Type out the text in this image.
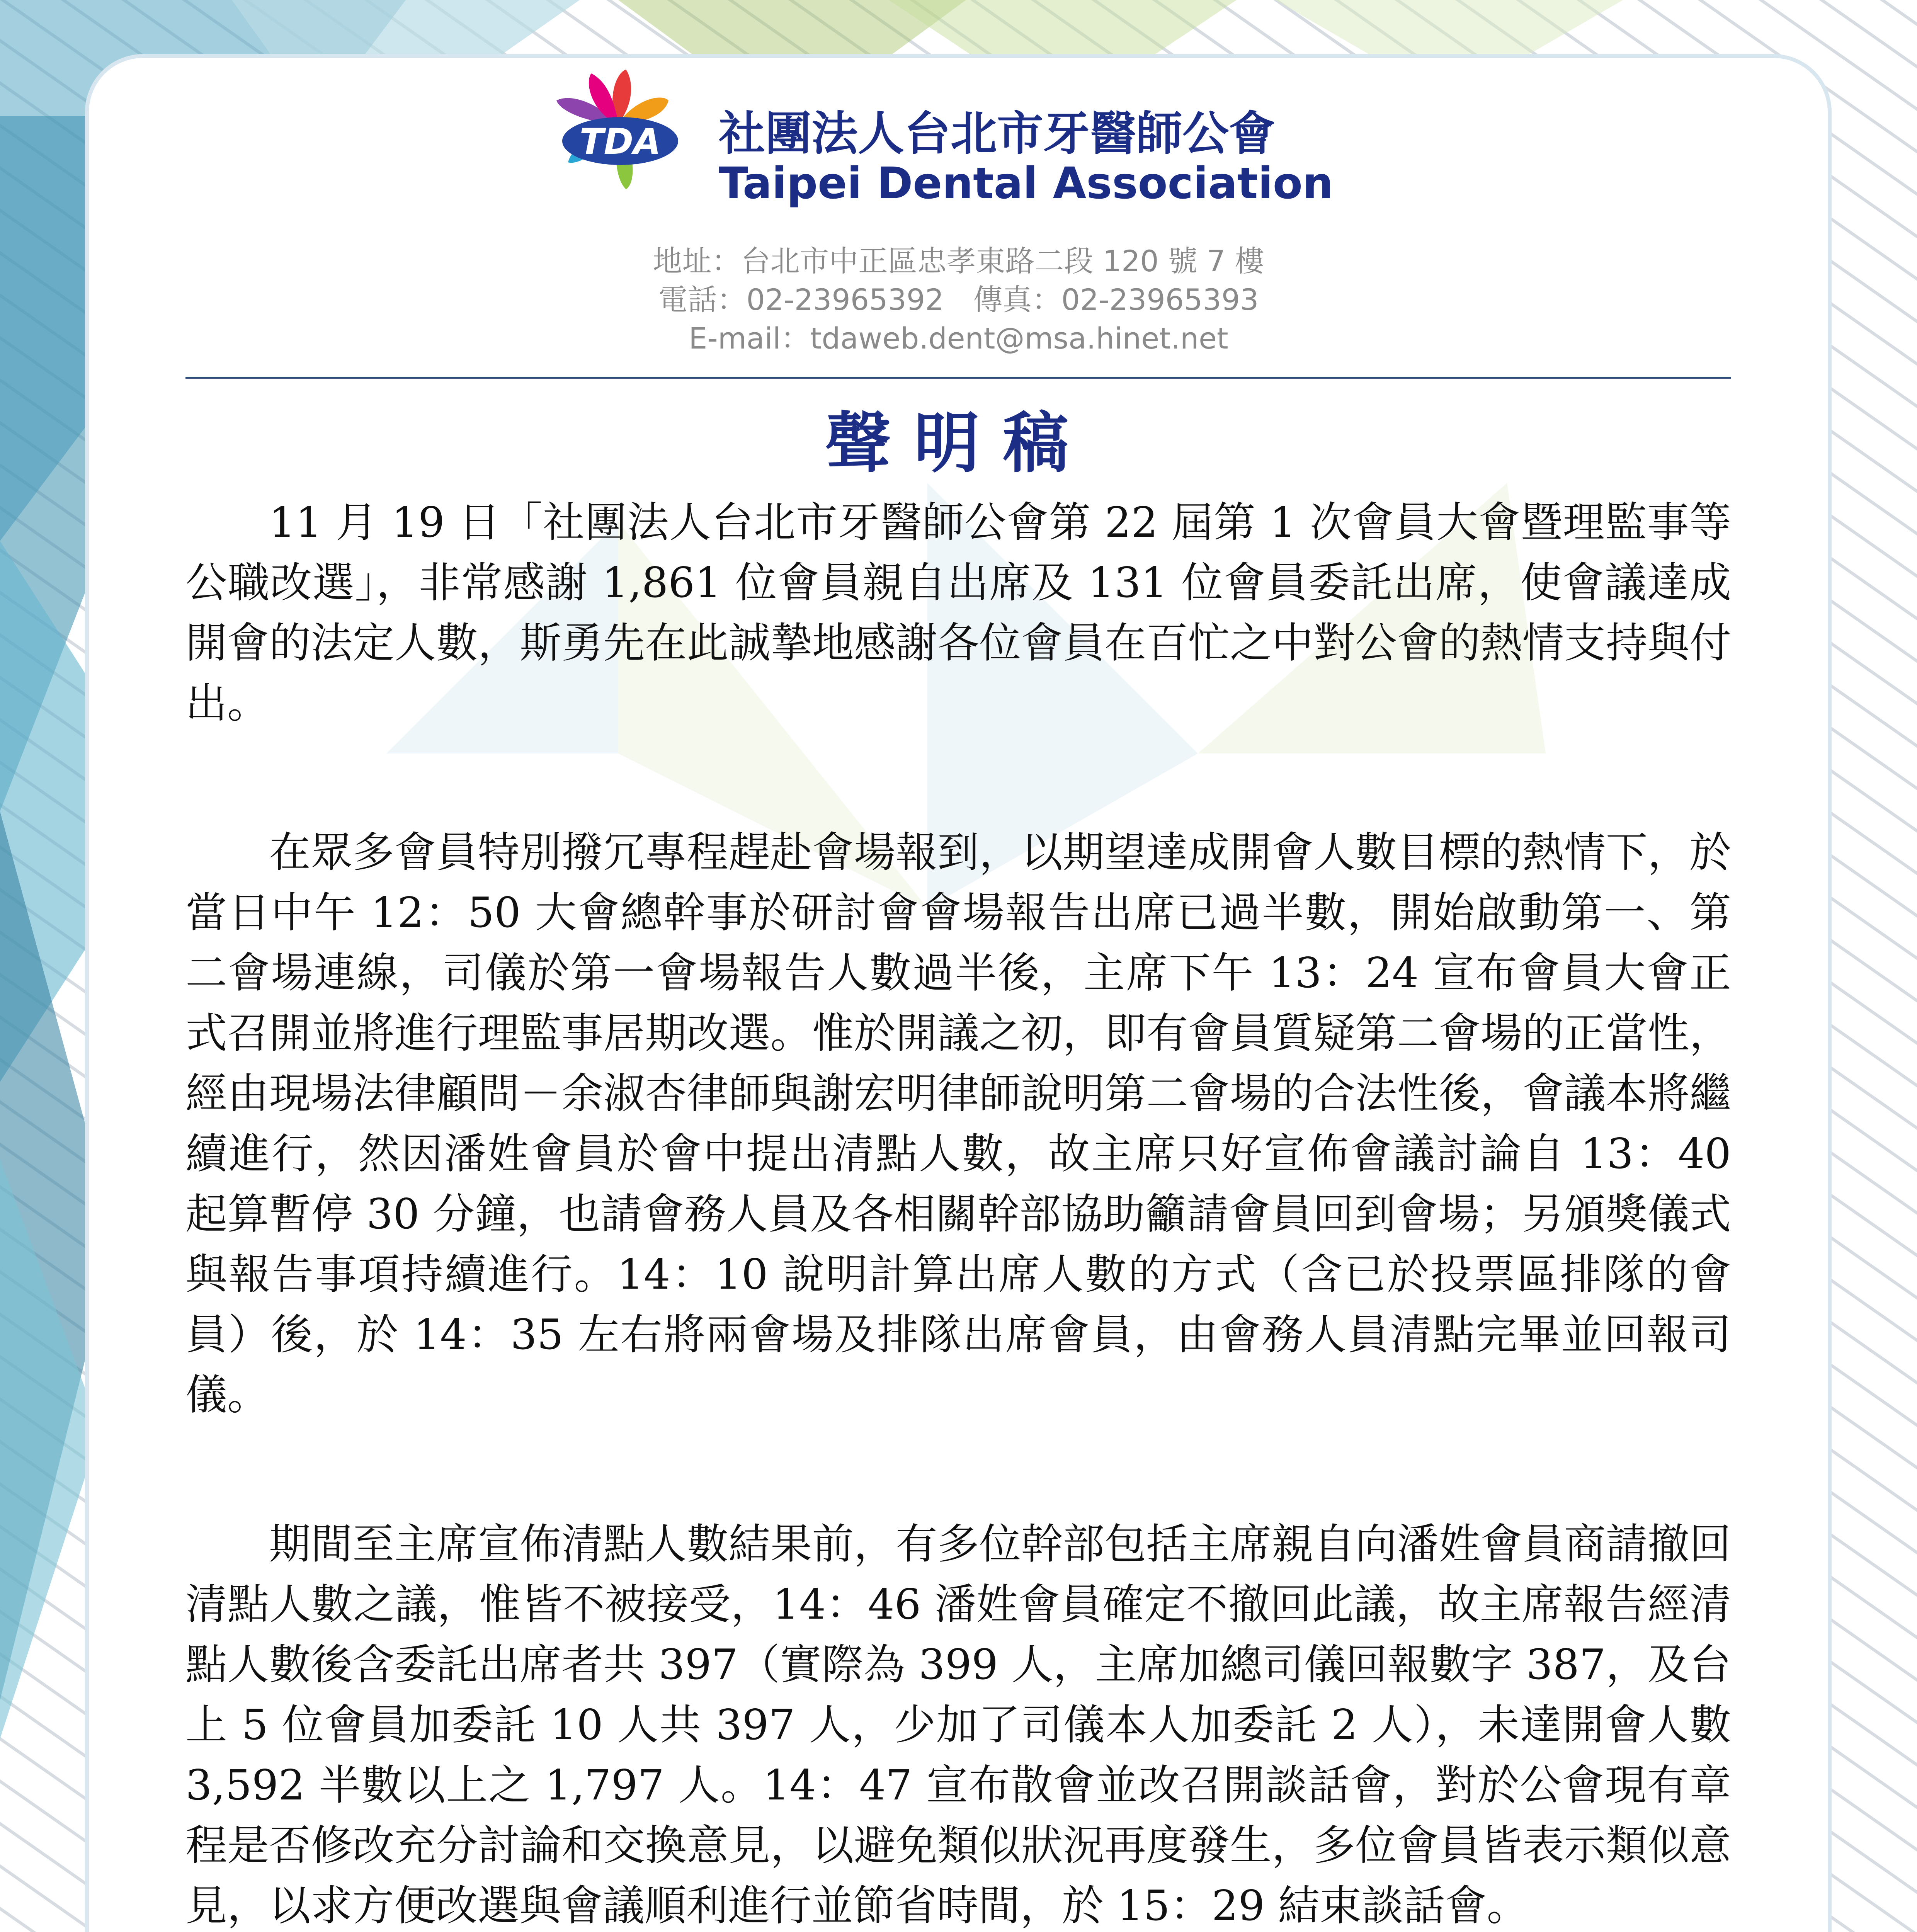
TDA 社團法人台北市牙醫師公會
Taipei Dental Association
地址：台北市中正區忠孝東路二段 120 號 7 樓
電話：02-23965392　傳真：02-23965393
E-mail：tdaweb.dent@msa.hinet.net
聲明稿

11 月 19 日「社團法人台北市牙醫師公會第 22 屆第 1 次會員大會暨理監事等公職改選」，非常感謝 1,861 位會員親自出席及 131 位會員委託出席，使會議達成開會的法定人數，斯勇先在此誠摯地感謝各位會員在百忙之中對公會的熱情支持與付出。

在眾多會員特別撥冗專程趕赴會場報到，以期望達成開會人數目標的熱情下，於當日中午 12：50 大會總幹事於研討會會場報告出席已過半數，開始啟動第一、第二會場連線，司儀於第一會場報告人數過半後，主席下午 13：24 宣布會員大會正式召開並將進行理監事居期改選。惟於開議之初，即有會員質疑第二會場的正當性，經由現場法律顧問－余淑杏律師與謝宏明律師說明第二會場的合法性後，會議本將繼續進行，然因潘姓會員於會中提出清點人數，故主席只好宣佈會議討論自 13：40 起算暫停 30 分鐘，也請會務人員及各相關幹部協助籲請會員回到會場；另頒獎儀式與報告事項持續進行。14：10 說明計算出席人數的方式（含已於投票區排隊的會員）後，於 14：35 左右將兩會場及排隊出席會員，由會務人員清點完畢並回報司儀。

期間至主席宣佈清點人數結果前，有多位幹部包括主席親自向潘姓會員商請撤回清點人數之議，惟皆不被接受，14：46 潘姓會員確定不撤回此議，故主席報告經清點人數後含委託出席者共 397（實際為 399 人，主席加總司儀回報數字 387，及台上 5 位會員加委託 10 人共 397 人，少加了司儀本人加委託 2 人），未達開會人數 3,592 半數以上之 1,797 人。14：47 宣布散會並改召開談話會，對於公會現有章程是否修改充分討論和交換意見，以避免類似狀況再度發生，多位會員皆表示類似意見，以求方便改選與會議順利進行並節省時間，於 15：29 結束談話會。
